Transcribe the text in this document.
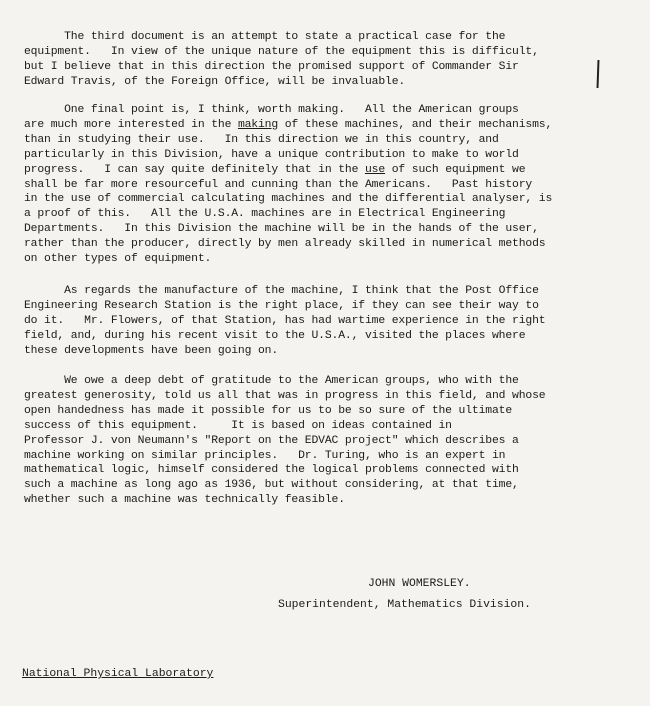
The third document is an attempt to state a practical case for the
equipment.   In view of the unique nature of the equipment this is difficult,
but I believe that in this direction the promised support of Commander Sir
Edward Travis, of the Foreign Office, will be invaluable.
One final point is, I think, worth making.   All the American groups
are much more interested in the making of these machines, and their mechanisms,
than in studying their use.   In this direction we in this country, and
particularly in this Division, have a unique contribution to make to world
progress.   I can say quite definitely that in the use of such equipment we
shall be far more resourceful and cunning than the Americans.   Past history
in the use of commercial calculating machines and the differential analyser, is
a proof of this.   All the U.S.A. machines are in Electrical Engineering
Departments.   In this Division the machine will be in the hands of the user,
rather than the producer, directly by men already skilled in numerical methods
on other types of equipment.
As regards the manufacture of the machine, I think that the Post Office
Engineering Research Station is the right place, if they can see their way to
do it.   Mr. Flowers, of that Station, has had wartime experience in the right
field, and, during his recent visit to the U.S.A., visited the places where
these developments have been going on.
We owe a deep debt of gratitude to the American groups, who with the
greatest generosity, told us all that was in progress in this field, and whose
open handedness has made it possible for us to be so sure of the ultimate
success of this equipment.     It is based on ideas contained in
Professor J. von Neumann's "Report on the EDVAC project" which describes a
machine working on similar principles.   Dr. Turing, who is an expert in
mathematical logic, himself considered the logical problems connected with
such a machine as long ago as 1936, but without considering, at that time,
whether such a machine was technically feasible.
JOHN WOMERSLEY.
Superintendent, Mathematics Division.
National Physical Laboratory
